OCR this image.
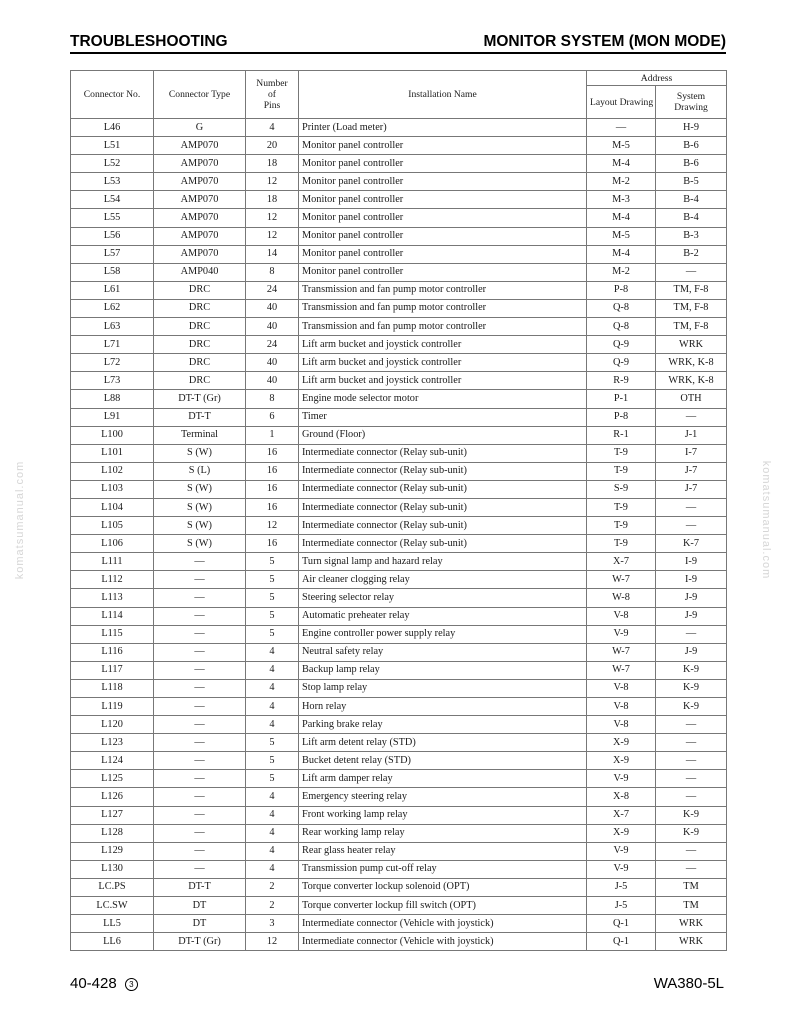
TROUBLESHOOTING	MONITOR SYSTEM (MON MODE)
Connector No.	Connector Type	Number
of
Pins	Installation Name	Address	
				Layout Drawing	System
Drawing
L46	G	4	Printer (Load meter)	—	H-9
L51	AMP070	20	Monitor panel controller	M-5	B-6
L52	AMP070	18	Monitor panel controller	M-4	B-6
L53	AMP070	12	Monitor panel controller	M-2	B-5
L54	AMP070	18	Monitor panel controller	M-3	B-4
L55	AMP070	12	Monitor panel controller	M-4	B-4
L56	AMP070	12	Monitor panel controller	M-5	B-3
L57	AMP070	14	Monitor panel controller	M-4	B-2
L58	AMP040	8	Monitor panel controller	M-2	—
L61	DRC	24	Transmission and fan pump motor controller	P-8	TM, F-8
L62	DRC	40	Transmission and fan pump motor controller	Q-8	TM, F-8
L63	DRC	40	Transmission and fan pump motor controller	Q-8	TM, F-8
L71	DRC	24	Lift arm bucket and joystick controller	Q-9	WRK
L72	DRC	40	Lift arm bucket and joystick controller	Q-9	WRK, K-8
L73	DRC	40	Lift arm bucket and joystick controller	R-9	WRK, K-8
L88	DT-T (Gr)	8	Engine mode selector motor	P-1	OTH
L91	DT-T	6	Timer	P-8	—
L100	Terminal	1	Ground (Floor)	R-1	J-1
L101	S (W)	16	Intermediate connector (Relay sub-unit)	T-9	I-7
L102	S (L)	16	Intermediate connector (Relay sub-unit)	T-9	J-7
L103	S (W)	16	Intermediate connector (Relay sub-unit)	S-9	J-7
L104	S (W)	16	Intermediate connector (Relay sub-unit)	T-9	—
L105	S (W)	12	Intermediate connector (Relay sub-unit)	T-9	—
L106	S (W)	16	Intermediate connector (Relay sub-unit)	T-9	K-7
L111	—	5	Turn signal lamp and hazard relay	X-7	I-9
L112	—	5	Air cleaner clogging relay	W-7	I-9
L113	—	5	Steering selector relay	W-8	J-9
L114	—	5	Automatic preheater relay	V-8	J-9
L115	—	5	Engine controller power supply relay	V-9	—
L116	—	4	Neutral safety relay	W-7	J-9
L117	—	4	Backup lamp relay	W-7	K-9
L118	—	4	Stop lamp relay	V-8	K-9
L119	—	4	Horn relay	V-8	K-9
L120	—	4	Parking brake relay	V-8	—
L123	—	5	Lift arm detent relay (STD)	X-9	—
L124	—	5	Bucket detent relay (STD)	X-9	—
L125	—	5	Lift arm damper relay	V-9	—
L126	—	4	Emergency steering relay	X-8	—
L127	—	4	Front working lamp relay	X-7	K-9
L128	—	4	Rear working lamp relay	X-9	K-9
L129	—	4	Rear glass heater relay	V-9	—
L130	—	4	Transmission pump cut-off relay	V-9	—
LC.PS	DT-T	2	Torque converter lockup solenoid (OPT)	J-5	TM
LC.SW	DT	2	Torque converter lockup fill switch (OPT)	J-5	TM
LL5	DT	3	Intermediate connector (Vehicle with joystick)	Q-1	WRK
LL6	DT-T (Gr)	12	Intermediate connector (Vehicle with joystick)	Q-1	WRK
40-428 3	WA380-5L
komatsumanual.com	komatsumanual.com
